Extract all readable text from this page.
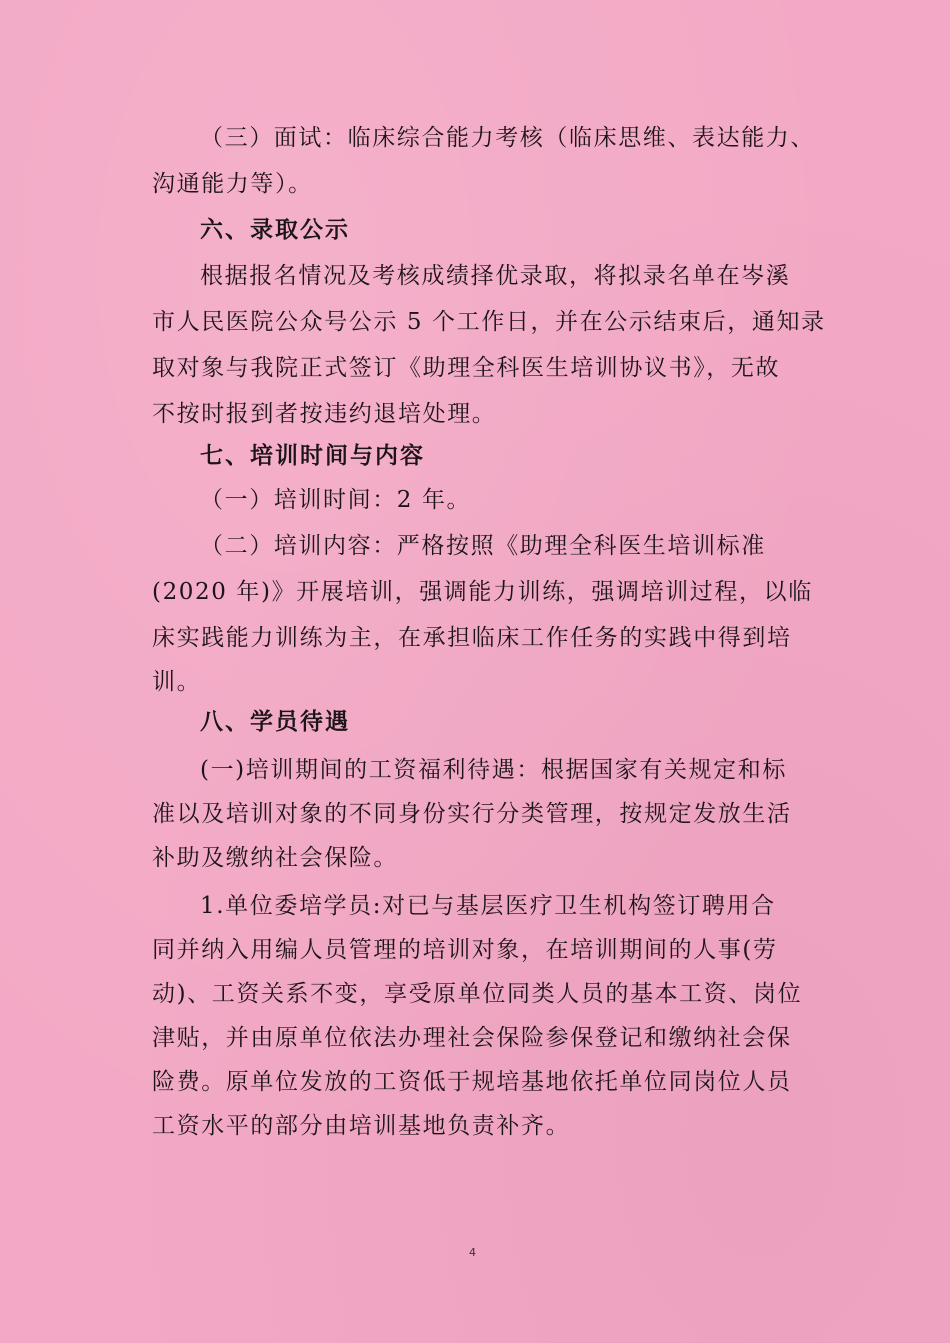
（三）面试：临床综合能力考核（临床思维、表达能力、
沟通能力等）。
六、录取公示
根据报名情况及考核成绩择优录取，将拟录名单在岑溪
市人民医院公众号公示 5 个工作日，并在公示结束后，通知录
取对象与我院正式签订《助理全科医生培训协议书》，无故
不按时报到者按违约退培处理。
七、培训时间与内容
（一）培训时间：2 年。
（二）培训内容：严格按照《助理全科医生培训标准
(2020 年)》开展培训，强调能力训练，强调培训过程，以临
床实践能力训练为主，在承担临床工作任务的实践中得到培
训。
八、学员待遇
(一)培训期间的工资福利待遇：根据国家有关规定和标
准以及培训对象的不同身份实行分类管理，按规定发放生活
补助及缴纳社会保险。
1.单位委培学员:对已与基层医疗卫生机构签订聘用合
同并纳入用编人员管理的培训对象，在培训期间的人事(劳
动)、工资关系不变，享受原单位同类人员的基本工资、岗位
津贴，并由原单位依法办理社会保险参保登记和缴纳社会保
险费。原单位发放的工资低于规培基地依托单位同岗位人员
工资水平的部分由培训基地负责补齐。
4
